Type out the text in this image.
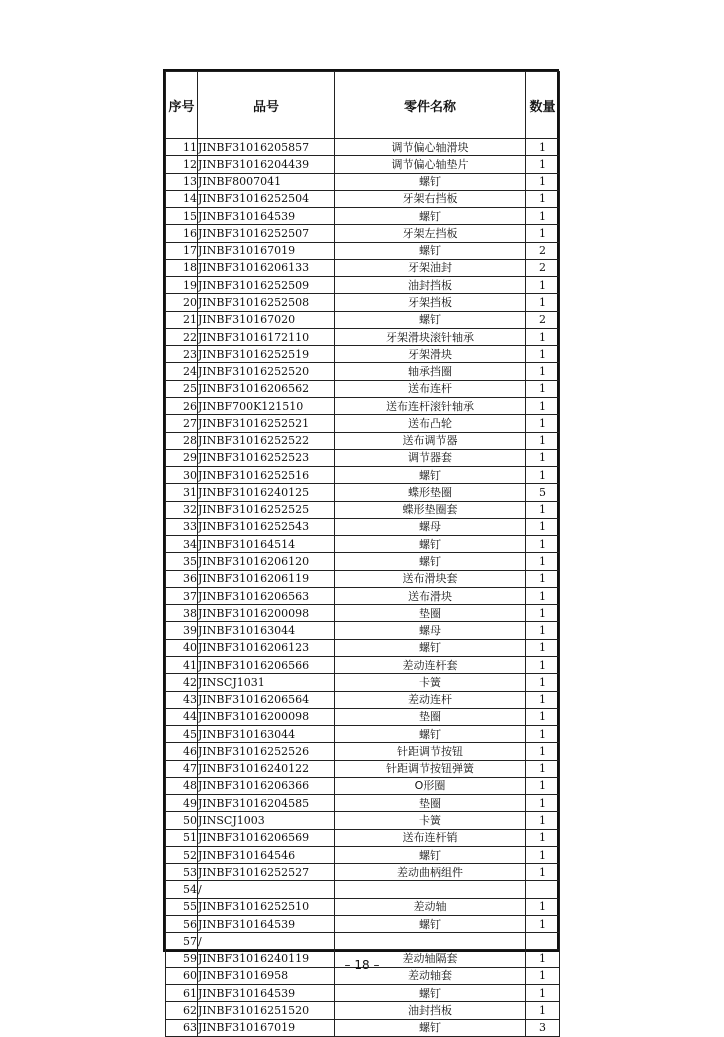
序号	品号	零件名称	数量
11	JINBF31016205857	调节偏心轴滑块	1
12	JINBF31016204439	调节偏心轴垫片	1
13	JINBF8007041	螺钉	1
14	JINBF31016252504	牙架右挡板	1
15	JINBF310164539	螺钉	1
16	JINBF31016252507	牙架左挡板	1
17	JINBF310167019	螺钉	2
18	JINBF31016206133	牙架油封	2
19	JINBF31016252509	油封挡板	1
20	JINBF31016252508	牙架挡板	1
21	JINBF310167020	螺钉	2
22	JINBF31016172110	牙架滑块滚针轴承	1
23	JINBF31016252519	牙架滑块	1
24	JINBF31016252520	轴承挡圈	1
25	JINBF31016206562	送布连杆	1
26	JINBF700K121510	送布连杆滚针轴承	1
27	JINBF31016252521	送布凸轮	1
28	JINBF31016252522	送布调节器	1
29	JINBF31016252523	调节器套	1
30	JINBF31016252516	螺钉	1
31	JINBF31016240125	蝶形垫圈	5
32	JINBF31016252525	蝶形垫圈套	1
33	JINBF31016252543	螺母	1
34	JINBF310164514	螺钉	1
35	JINBF31016206120	螺钉	1
36	JINBF31016206119	送布滑块套	1
37	JINBF31016206563	送布滑块	1
38	JINBF31016200098	垫圈	1
39	JINBF310163044	螺母	1
40	JINBF31016206123	螺钉	1
41	JINBF31016206566	差动连杆套	1
42	JINSCJ1031	卡簧	1
43	JINBF31016206564	差动连杆	1
44	JINBF31016200098	垫圈	1
45	JINBF310163044	螺钉	1
46	JINBF31016252526	针距调节按钮	1
47	JINBF31016240122	针距调节按钮弹簧	1
48	JINBF31016206366	O形圈	1
49	JINBF31016204585	垫圈	1
50	JINSCJ1003	卡簧	1
51	JINBF31016206569	送布连杆销	1
52	JINBF310164546	螺钉	1
53	JINBF31016252527	差动曲柄组件	1
54	/		
55	JINBF31016252510	差动轴	1
56	JINBF310164539	螺钉	1
57	/		
59	JINBF31016240119	差动轴隔套	1
60	JINBF31016958	差动轴套	1
61	JINBF310164539	螺钉	1
62	JINBF31016251520	油封挡板	1
63	JINBF310167019	螺钉	3
– 18 –
